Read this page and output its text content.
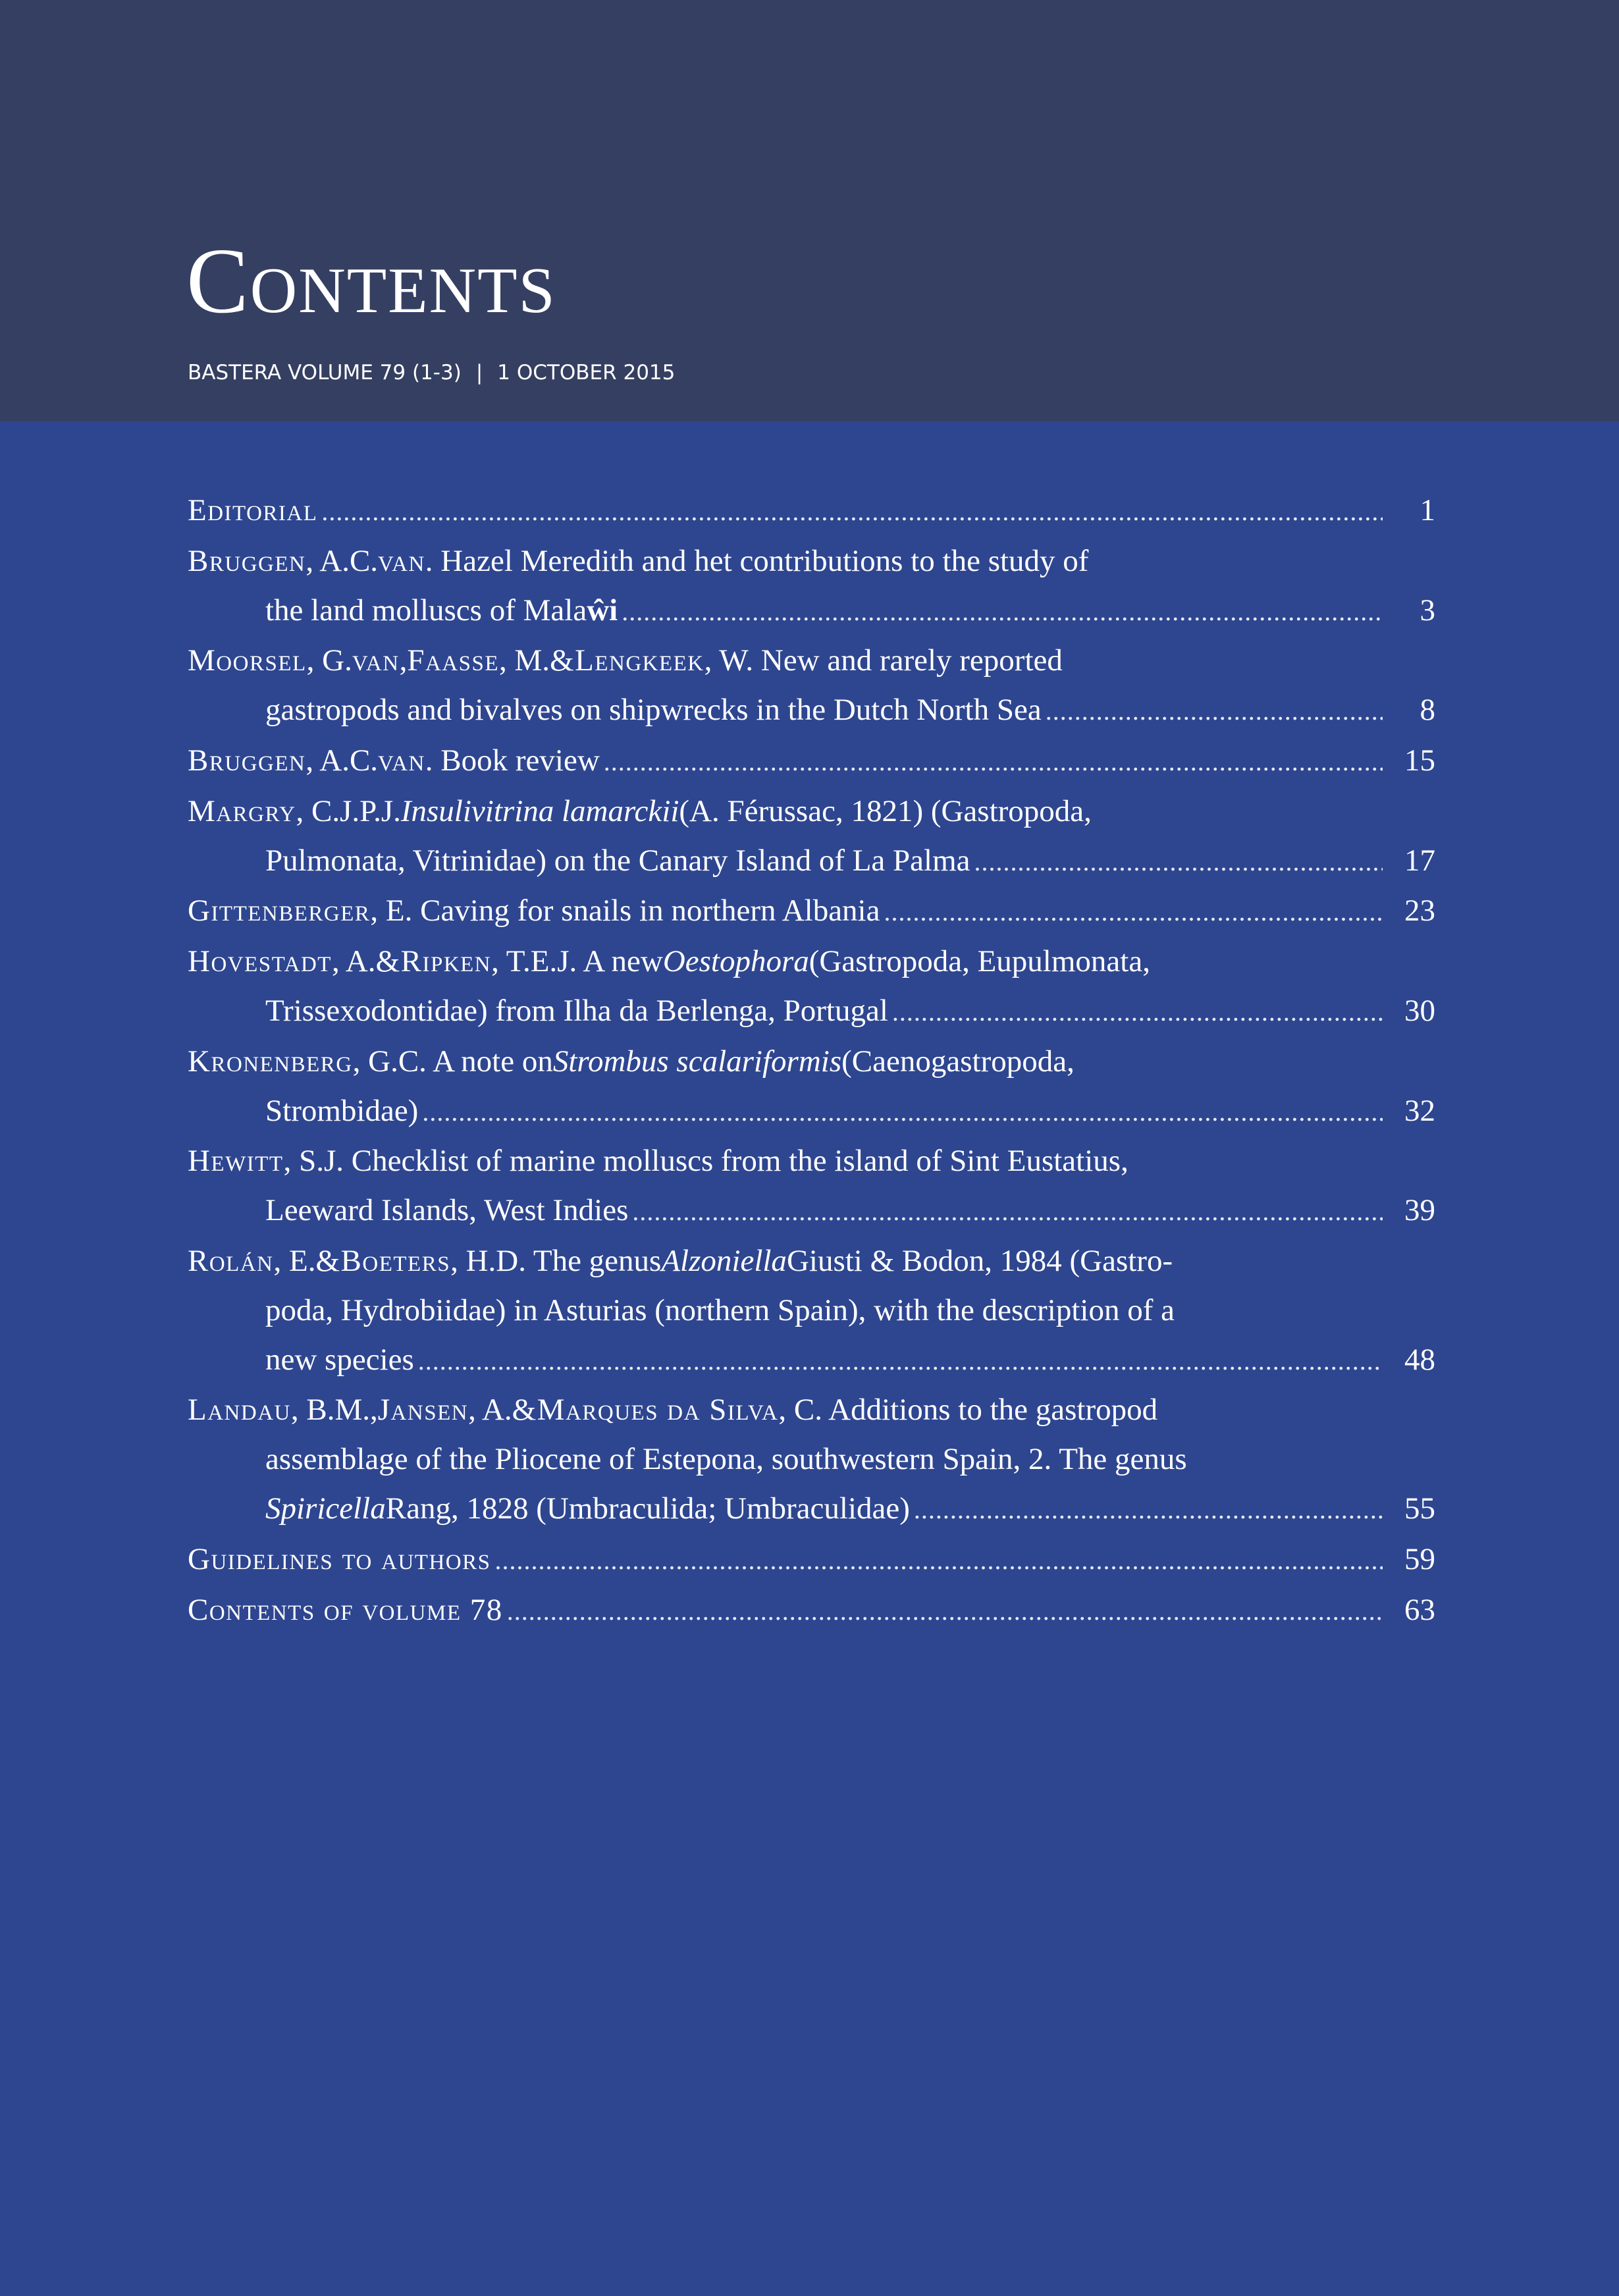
Contents
BASTERA VOLUME 79 (1-3) | 1 OCTOBER 2015
Editorial .....	1
Bruggen , A.C. van . Hazel Meredith and het contributions to the study of
the land molluscs of Mala ŵi .....	3
Moorsel , G. van , Faasse , M. & Lengkeek , W. New and rarely reported
gastropods and bivalves on shipwrecks in the Dutch North Sea .....	8
Bruggen , A.C. van . Book review .....	15
Margry , C.J.P.J. Insulivitrina lamarckii (A. Férussac, 1821) (Gastropoda,
Pulmonata, Vitrinidae) on the Canary Island of La Palma .....	17
Gittenberger , E. Caving for snails in northern Albania .....	23
Hovestadt , A. & Ripken , T.E.J. A new Oestophora (Gastropoda, Eupulmonata,
Trissexodontidae) from Ilha da Berlenga, Portugal .....	30
Kronenberg , G.C. A note on Strombus scalariformis (Caenogastropoda,
Strombidae) .....	32
Hewitt , S.J. Checklist of marine molluscs from the island of Sint Eustatius,
Leeward Islands, West Indies .....	39
Rolán , E. & Boeters , H.D. The genus Alzoniella Giusti & Bodon, 1984 (Gastro-
poda, Hydrobiidae) in Asturias (northern Spain), with the description of a
new species .....	48
Landau , B.M., Jansen , A. & Marques da Silva , C. Additions to the gastropod
assemblage of the Pliocene of Estepona, southwestern Spain, 2. The genus
Spiricella Rang, 1828 (Umbraculida; Umbraculidae) .....	55
Guidelines to authors .....	59
Contents of volume 78 .....	63
